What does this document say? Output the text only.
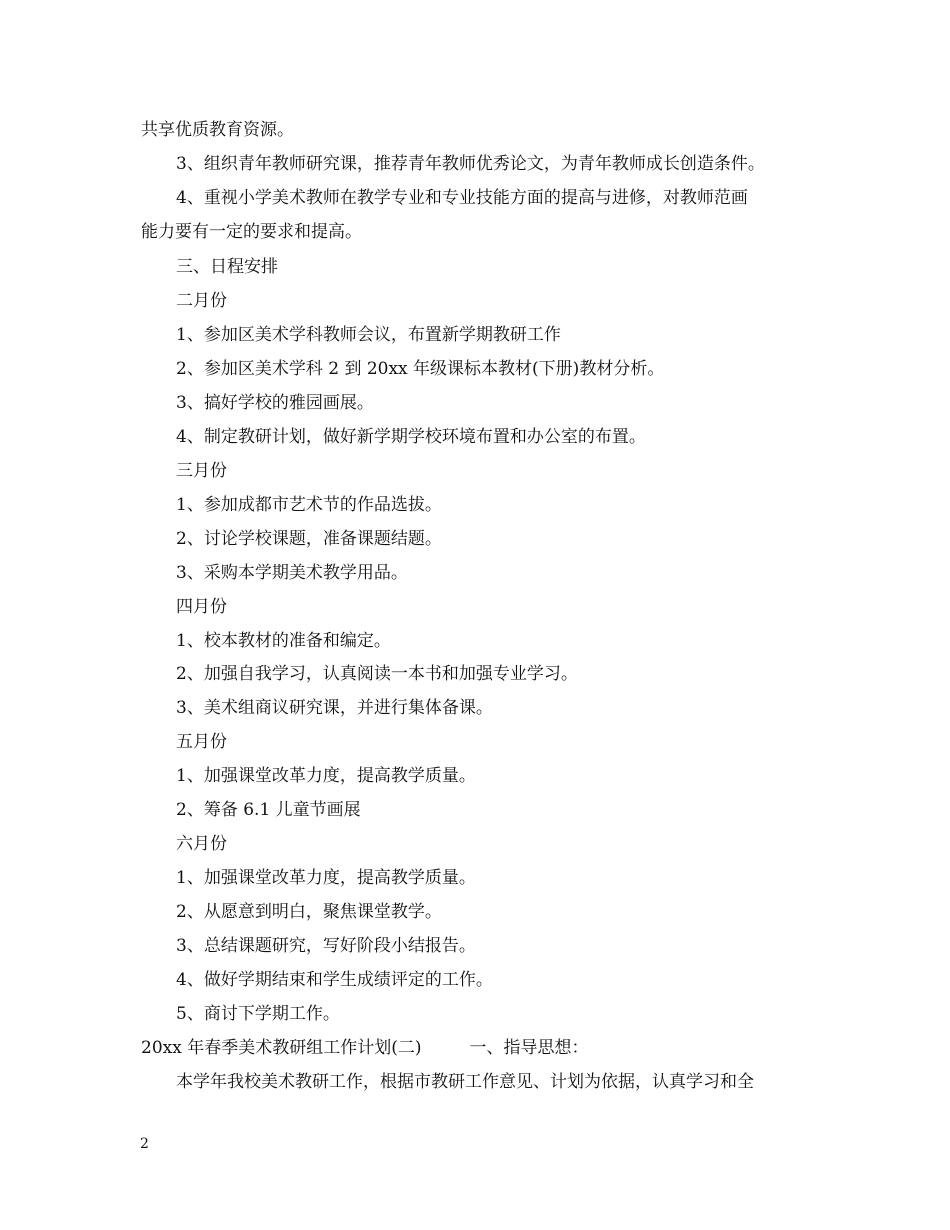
共享优质教育资源。
3、组织青年教师研究课，推荐青年教师优秀论文，为青年教师成长创造条件。
4、重视小学美术教师在教学专业和专业技能方面的提高与进修，对教师范画
能力要有一定的要求和提高。
三、日程安排
二月份
1、参加区美术学科教师会议，布置新学期教研工作
2、参加区美术学科 2 到 20xx 年级课标本教材(下册)教材分析。
3、搞好学校的雅园画展。
4、制定教研计划，做好新学期学校环境布置和办公室的布置。
三月份
1、参加成都市艺术节的作品选拔。
2、讨论学校课题，准备课题结题。
3、采购本学期美术教学用品。
四月份
1、校本教材的准备和编定。
2、加强自我学习，认真阅读一本书和加强专业学习。
3、美术组商议研究课，并进行集体备课。
五月份
1、加强课堂改革力度，提高教学质量。
2、筹备 6.1 儿童节画展
六月份
1、加强课堂改革力度，提高教学质量。
2、从愿意到明白，聚焦课堂教学。
3、总结课题研究，写好阶段小结报告。
4、做好学期结束和学生成绩评定的工作。
5、商讨下学期工作。
20xx 年春季美术教研组工作计划(二)	一、指导思想：
本学年我校美术教研工作，根据市教研工作意见、计划为依据，认真学习和全
2
